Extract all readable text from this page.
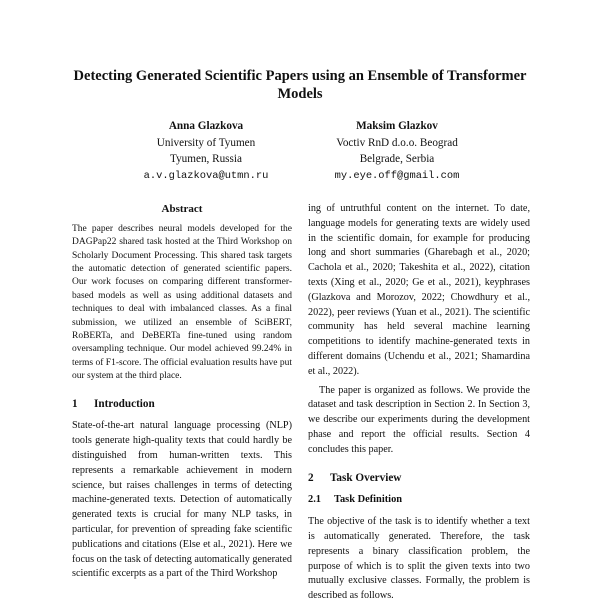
Detecting Generated Scientific Papers using an Ensemble of Transformer Models
Anna Glazkova
University of Tyumen
Tyumen, Russia
a.v.glazkova@utmn.ru
Maksim Glazkov
Voctiv RnD d.o.o. Beograd
Belgrade, Serbia
my.eye.off@gmail.com
Abstract

The paper describes neural models developed for the DAGPap22 shared task hosted at the Third Workshop on Scholarly Document Processing. This shared task targets the automatic detection of generated scientific papers. Our work focuses on comparing different transformer-based models as well as using additional datasets and techniques to deal with imbalanced classes. As a final submission, we utilized an ensemble of SciBERT, RoBERTa, and DeBERTa fine-tuned using random oversampling technique. Our model achieved 99.24% in terms of F1-score. The official evaluation results have put our system at the third place.

1 Introduction

State-of-the-art natural language processing (NLP) tools generate high-quality texts that could hardly be distinguished from human-written texts. This represents a remarkable achievement in modern science, but raises challenges in terms of detecting machine-generated texts. Detection of automatically generated texts is crucial for many NLP tasks, in particular, for prevention of spreading fake scientific publications and citations (Else et al., 2021). Here we focus on the task of detecting automatically generated scientific excerpts as a part of the Third Workshop

ing of untruthful content on the internet. To date, language models for generating texts are widely used in the scientific domain, for example for producing long and short summaries (Gharebagh et al., 2020; Cachola et al., 2020; Takeshita et al., 2022), citation texts (Xing et al., 2020; Ge et al., 2021), keyphrases (Glazkova and Morozov, 2022; Chowdhury et al., 2022), peer reviews (Yuan et al., 2021). The scientific community has held several machine learning competitions to identify machine-generated texts in different domains (Uchendu et al., 2021; Shamardina et al., 2022).

The paper is organized as follows. We provide the dataset and task description in Section 2. In Section 3, we describe our experiments during the development phase and report the official results. Section 4 concludes this paper.

2 Task Overview
2.1 Task Definition

The objective of the task is to identify whether a text is automatically generated. Therefore, the task represents a binary classification problem, the purpose of which is to split the given texts into two mutually exclusive classes. Formally, the problem is described as follows.
